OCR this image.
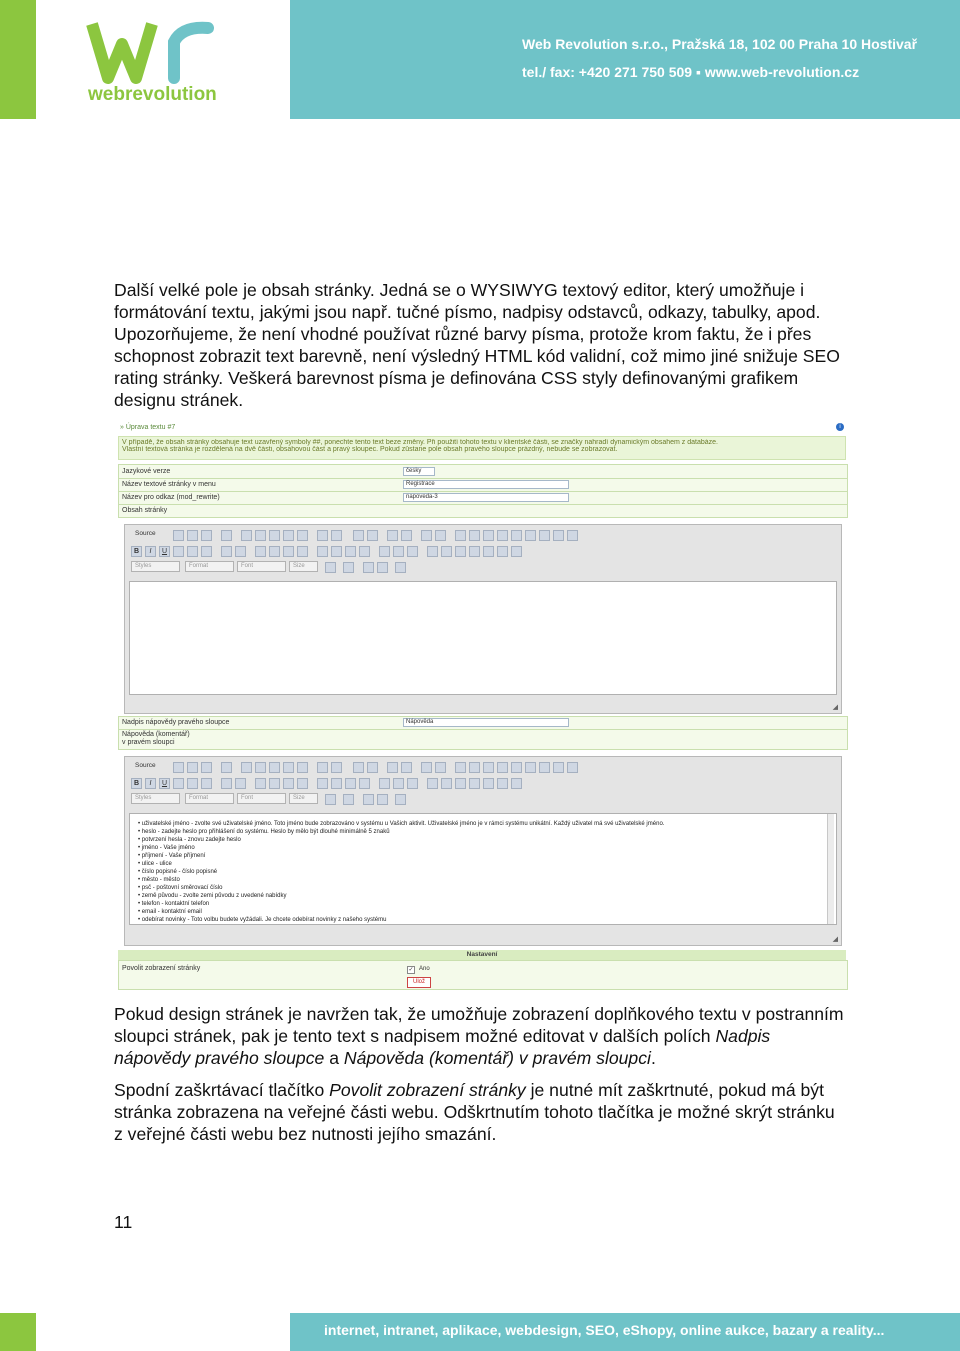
webrevolution
Web Revolution s.r.o., Pražská 18, 102 00 Praha 10 Hostivař
tel./ fax: +420 271 750 509 ▪ www.web-revolution.cz

Další velké pole je obsah stránky. Jedná se o WYSIWYG textový editor, který umožňuje i formátování textu, jakými jsou např. tučné písmo, nadpisy odstavců, odkazy, tabulky, apod. Upozorňujeme, že není vhodné používat různé barvy písma, protože krom faktu, že i přes schopnost zobrazit text barevně, není výsledný HTML kód validní, což mimo jiné snižuje SEO rating stránky. Veškerá barevnost písma je definována CSS styly definovanými grafikem designu stránek.

» Úprava textu #7	i
V případě, že obsah stránky obsahuje text uzavřený symboly ##, ponechte tento text beze změny. Při použití tohoto textu v klientské části, se značky nahradí dynamickým obsahem z databáze.
Vlastní textová stránka je rozdělená na dvě části, obsahovou část a pravý sloupec. Pokud zůstane pole obsah pravého sloupce prázdný, nebude se zobrazovat.
Jazykové verze	česky
Název textové stránky v menu	Registrace
Název pro odkaz (mod_rewrite)	napoveda-3
Obsah stránky
Source
B	I	U
Styles	Format	Font	Size
◢
Nadpis nápovědy pravého sloupce	Nápověda
Nápověda (komentář)
v pravém sloupci
Source
B	I	U
Styles	Format	Font	Size
• uživatelské jméno - zvolte své uživatelské jméno. Toto jméno bude zobrazováno v systému u Vašich aktivit. Uživatelské jméno je v rámci systému unikátní. Každý uživatel má své uživatelské jméno.
• heslo - zadejte heslo pro přihlášení do systému. Heslo by mělo být dlouhé minimálně 5 znaků
• potvrzení hesla - znovu zadejte heslo
• jméno - Vaše jméno
• příjmení - Vaše příjmení
• ulice - ulice
• číslo popisné - číslo popisné
• město - město
• psč - poštovní směrovací číslo
• země původu - zvolte zemi původu z uvedené nabídky
• telefon - kontaktní telefon
• email - kontaktní email
• odebírat novinky - Toto volbu budete vyžádali. Je chcete odebírat novinky z našeho systému
◢
Nastavení
Povolit zobrazení stránky	✓ Ano
Ulož

Pokud design stránek je navržen tak, že umožňuje zobrazení doplňkového textu v postranním sloupci stránek, pak je tento text s nadpisem možné editovat v dalších polích Nadpis nápovědy pravého sloupce a Nápověda (komentář) v pravém sloupci.

Spodní zaškrtávací tlačítko Povolit zobrazení stránky je nutné mít zaškrtnuté, pokud má být stránka zobrazena na veřejné části webu. Odškrtnutím tohoto tlačítka je možné skrýt stránku z veřejné části webu bez nutnosti jejího smazání.

11
internet, intranet, aplikace, webdesign, SEO, eShopy, online aukce, bazary a reality...
